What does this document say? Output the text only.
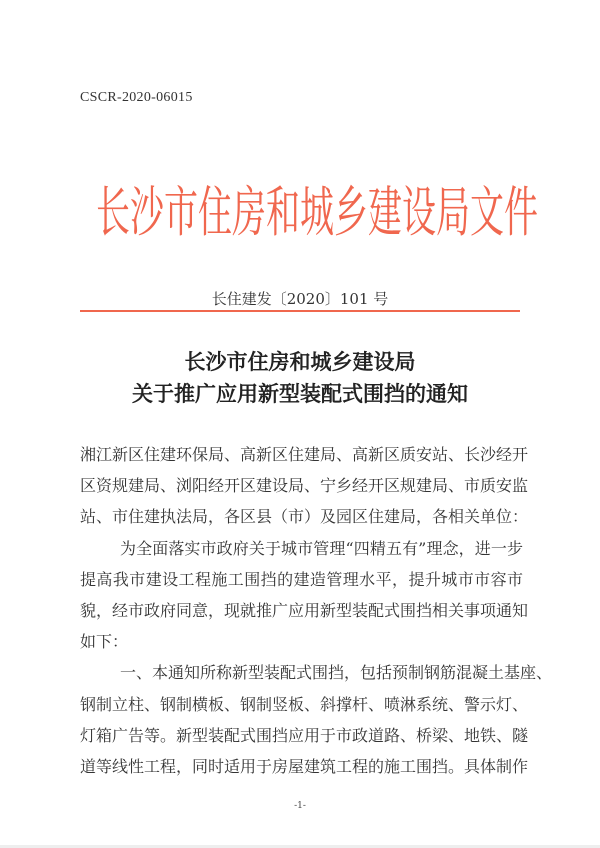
CSCR-2020-06015
长沙市住房和城乡建设局文件
长住建发〔2020〕101 号
长沙市住房和城乡建设局
关于推广应用新型装配式围挡的通知
湘江新区住建环保局、高新区住建局、高新区质安站、长沙经开
区资规建局、浏阳经开区建设局、宁乡经开区规建局、市质安监
站、市住建执法局，各区县（市）及园区住建局，各相关单位：
为全面落实市政府关于城市管理“四精五有”理念，进一步
提高我市建设工程施工围挡的建造管理水平，提升城市市容市
貌，经市政府同意，现就推广应用新型装配式围挡相关事项通知
如下：
一、本通知所称新型装配式围挡，包括预制钢筋混凝土基座、
钢制立柱、钢制横板、钢制竖板、斜撑杆、喷淋系统、警示灯、
灯箱广告等。新型装配式围挡应用于市政道路、桥梁、地铁、隧
道等线性工程，同时适用于房屋建筑工程的施工围挡。具体制作
-1-
